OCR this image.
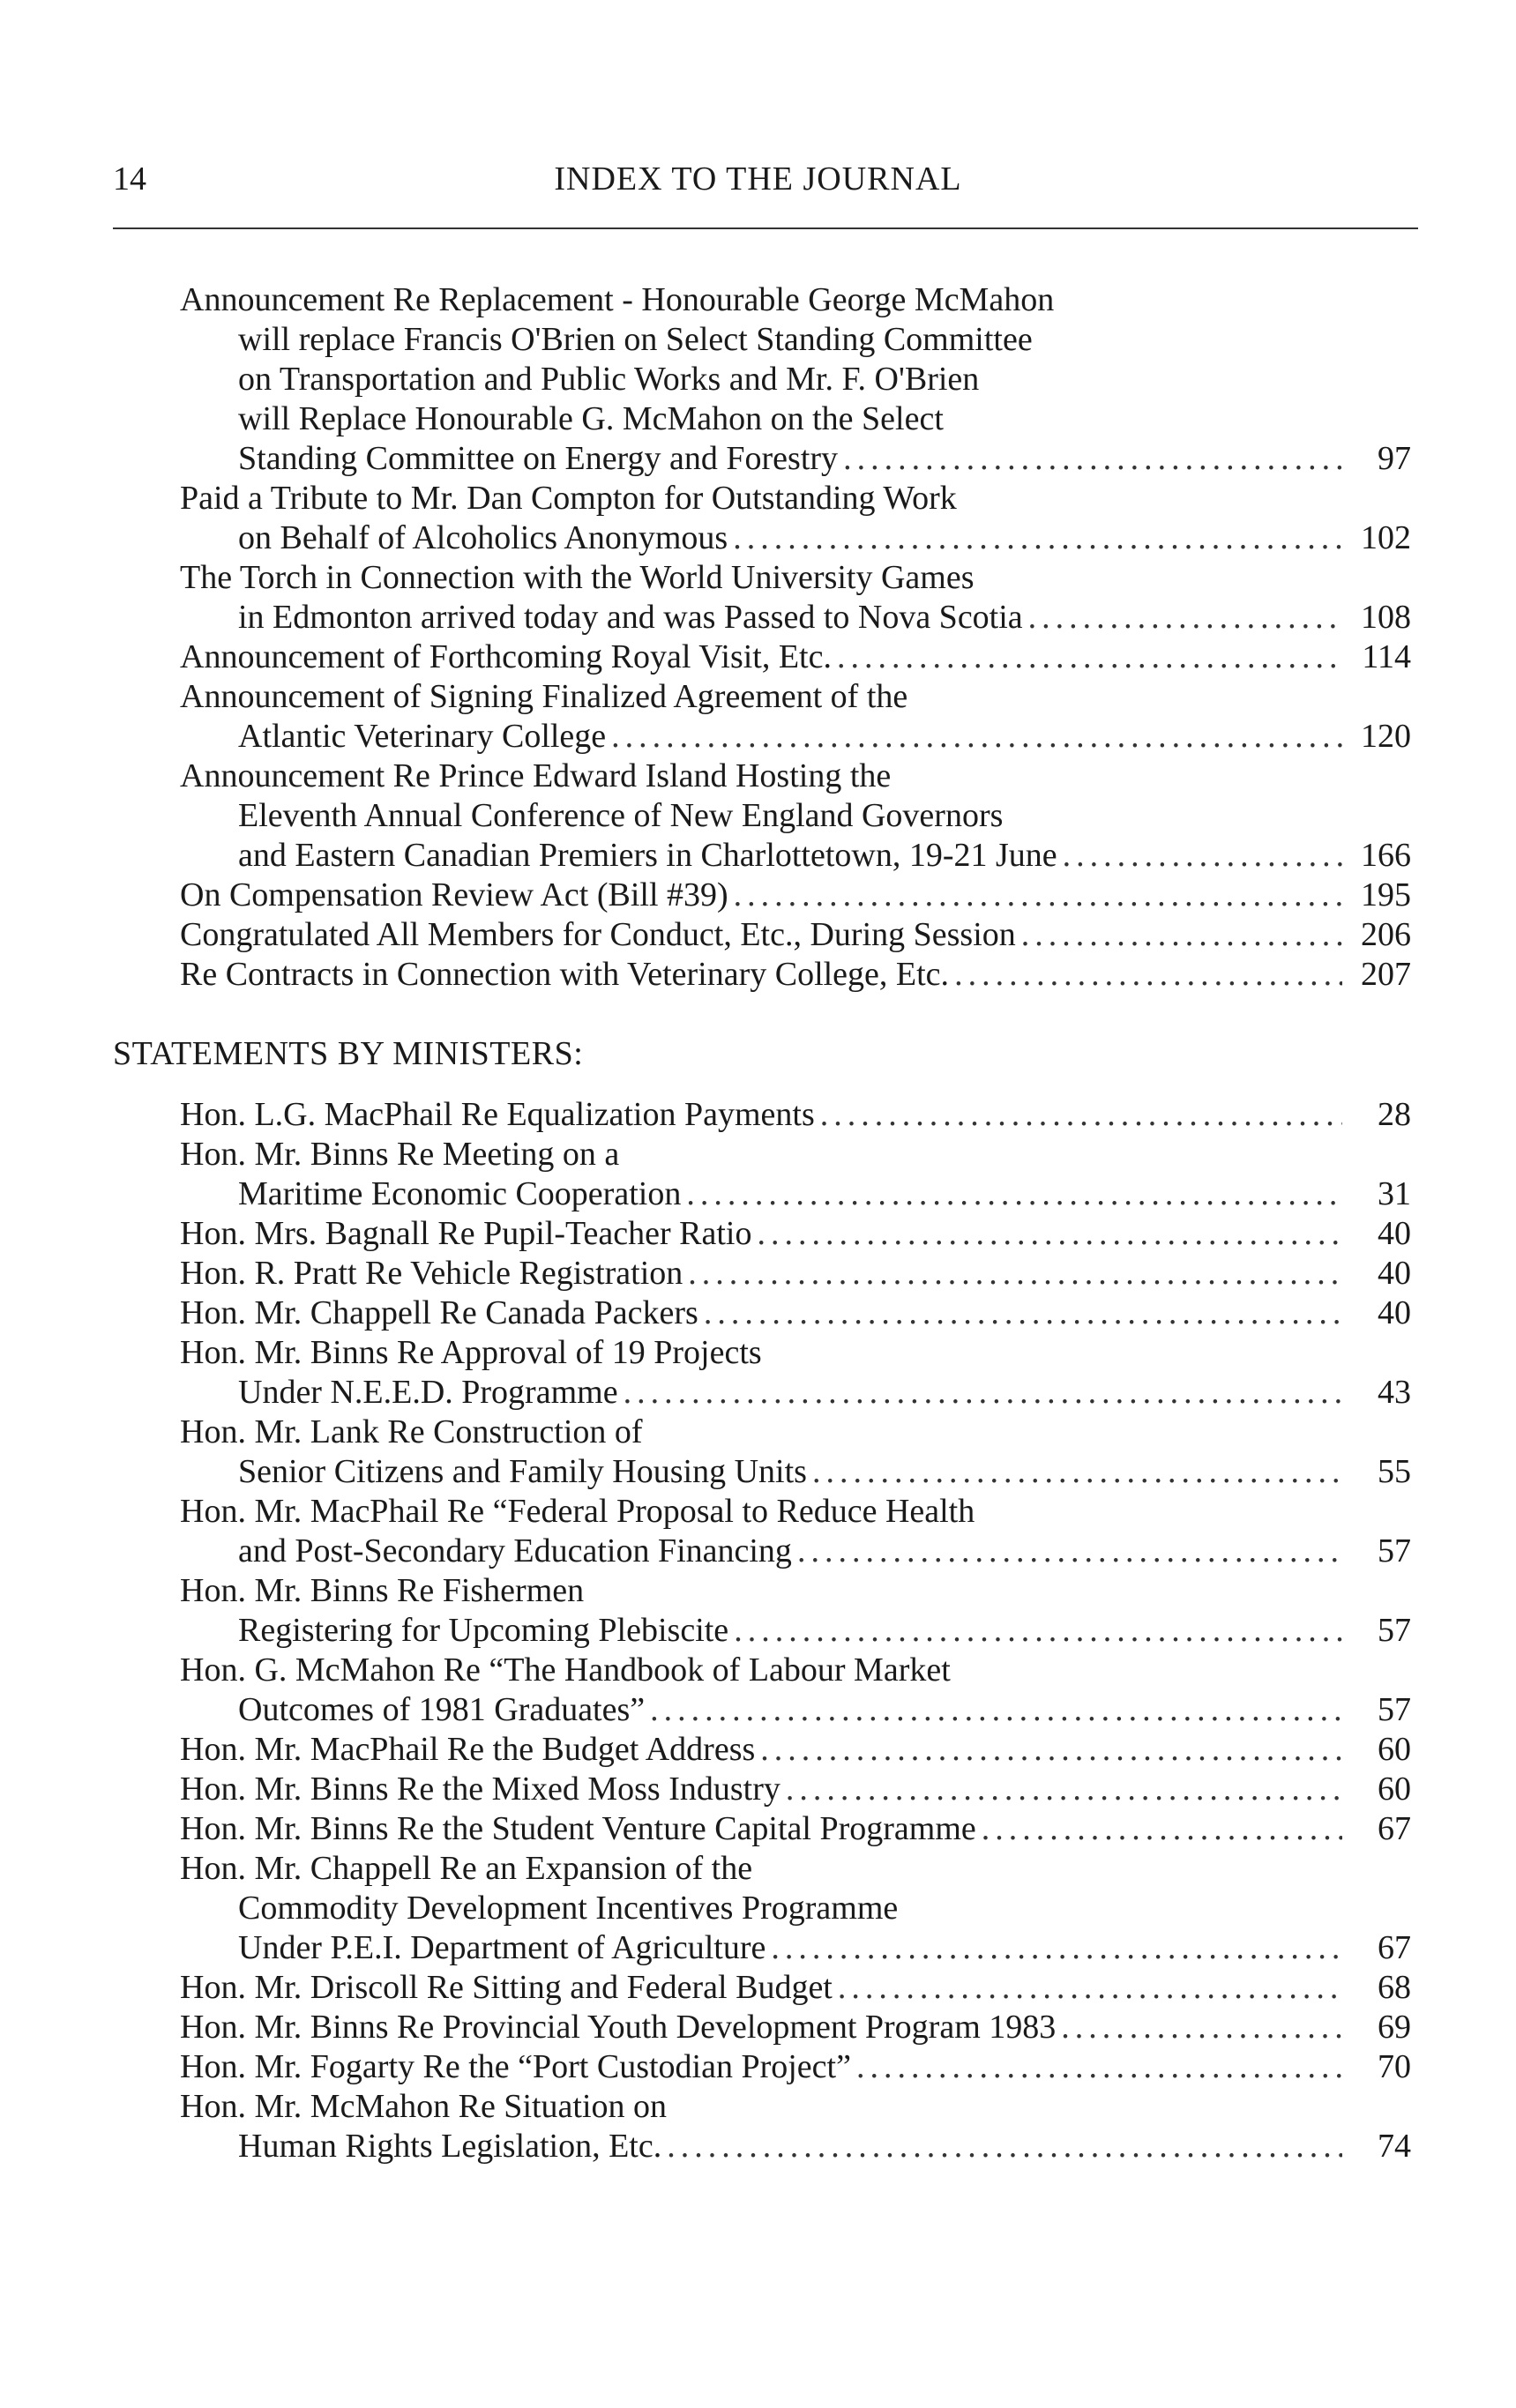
14	INDEX TO THE JOURNAL
Announcement Re Replacement - Honourable George McMahon
will replace Francis O'Brien on Select Standing Committee
on Transportation and Public Works and Mr. F. O'Brien
will Replace Honourable G. McMahon on the Select
Standing Committee on Energy and Forestry .....	97
Paid a Tribute to Mr. Dan Compton for Outstanding Work
on Behalf of Alcoholics Anonymous .....	102
The Torch in Connection with the World University Games
in Edmonton arrived today and was Passed to Nova Scotia .....	108
Announcement of Forthcoming Royal Visit, Etc. .....	114
Announcement of Signing Finalized Agreement of the
Atlantic Veterinary College .....	120
Announcement Re Prince Edward Island Hosting the
Eleventh Annual Conference of New England Governors
and Eastern Canadian Premiers in Charlottetown, 19-21 June .....	166
On Compensation Review Act (Bill #39) .....	195
Congratulated All Members for Conduct, Etc., During Session .....	206
Re Contracts in Connection with Veterinary College, Etc. .....	207
STATEMENTS BY MINISTERS:
Hon. L.G. MacPhail Re Equalization Payments .....	28
Hon. Mr. Binns Re Meeting on a
Maritime Economic Cooperation .....	31
Hon. Mrs. Bagnall Re Pupil-Teacher Ratio .....	40
Hon. R. Pratt Re Vehicle Registration .....	40
Hon. Mr. Chappell Re Canada Packers .....	40
Hon. Mr. Binns Re Approval of 19 Projects
Under N.E.E.D. Programme .....	43
Hon. Mr. Lank Re Construction of
Senior Citizens and Family Housing Units .....	55
Hon. Mr. MacPhail Re “Federal Proposal to Reduce Health
and Post-Secondary Education Financing .....	57
Hon. Mr. Binns Re Fishermen
Registering for Upcoming Plebiscite .....	57
Hon. G. McMahon Re “The Handbook of Labour Market
Outcomes of 1981 Graduates” .....	57
Hon. Mr. MacPhail Re the Budget Address .....	60
Hon. Mr. Binns Re the Mixed Moss Industry .....	60
Hon. Mr. Binns Re the Student Venture Capital Programme .....	67
Hon. Mr. Chappell Re an Expansion of the
Commodity Development Incentives Programme
Under P.E.I. Department of Agriculture .....	67
Hon. Mr. Driscoll Re Sitting and Federal Budget .....	68
Hon. Mr. Binns Re Provincial Youth Development Program 1983 .....	69
Hon. Mr. Fogarty Re the “Port Custodian Project” .....	70
Hon. Mr. McMahon Re Situation on
Human Rights Legislation, Etc. .....	74
